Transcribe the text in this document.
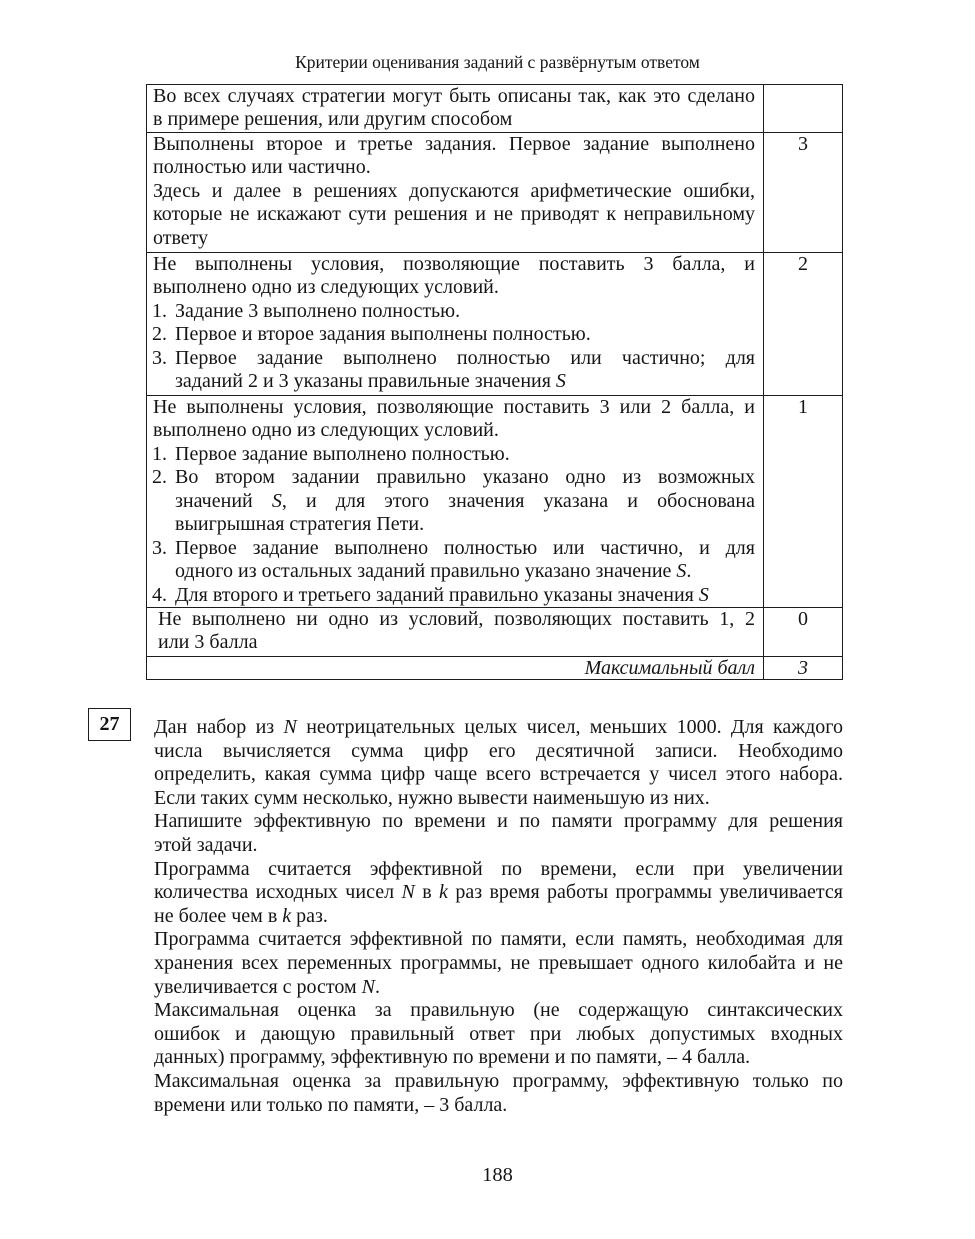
Критерии оценивания заданий с развёрнутым ответом
Во всех случаях стратегии могут быть описаны так, как это сделано
в примере решения, или другим способом
Выполнены второе и третье задания. Первое задание выполнено
полностью или частично.
Здесь и далее в решениях допускаются арифметические ошибки,
которые не искажают сути решения и не приводят к неправильному
ответу
3
Не выполнены условия, позволяющие поставить 3 балла, и
выполнено одно из следующих условий.
1. Задание 3 выполнено полностью.
2. Первое и второе задания выполнены полностью.
3. Первое задание выполнено полностью или частично; для
заданий 2 и 3 указаны правильные значения S
2
Не выполнены условия, позволяющие поставить 3 или 2 балла, и
выполнено одно из следующих условий.
1. Первое задание выполнено полностью.
2. Во втором задании правильно указано одно из возможных
значений S, и для этого значения указана и обоснована
выигрышная стратегия Пети.
3. Первое задание выполнено полностью или частично, и для
одного из остальных заданий правильно указано значение S.
4. Для второго и третьего заданий правильно указаны значения S
1
Не выполнено ни одно из условий, позволяющих поставить 1, 2
или 3 балла
0
Максимальный балл	3
27	Дан набор из N неотрицательных целых чисел, меньших 1000. Для каждого
числа вычисляется сумма цифр его десятичной записи. Необходимо
определить, какая сумма цифр чаще всего встречается у чисел этого набора.
Если таких сумм несколько, нужно вывести наименьшую из них.
Напишите эффективную по времени и по памяти программу для решения
этой задачи.
Программа считается эффективной по времени, если при увеличении
количества исходных чисел N в k раз время работы программы увеличивается
не более чем в k раз.
Программа считается эффективной по памяти, если память, необходимая для
хранения всех переменных программы, не превышает одного килобайта и не
увеличивается с ростом N.
Максимальная оценка за правильную (не содержащую синтаксических
ошибок и дающую правильный ответ при любых допустимых входных
данных) программу, эффективную по времени и по памяти, – 4 балла.
Максимальная оценка за правильную программу, эффективную только по
времени или только по памяти, – 3 балла.
188
